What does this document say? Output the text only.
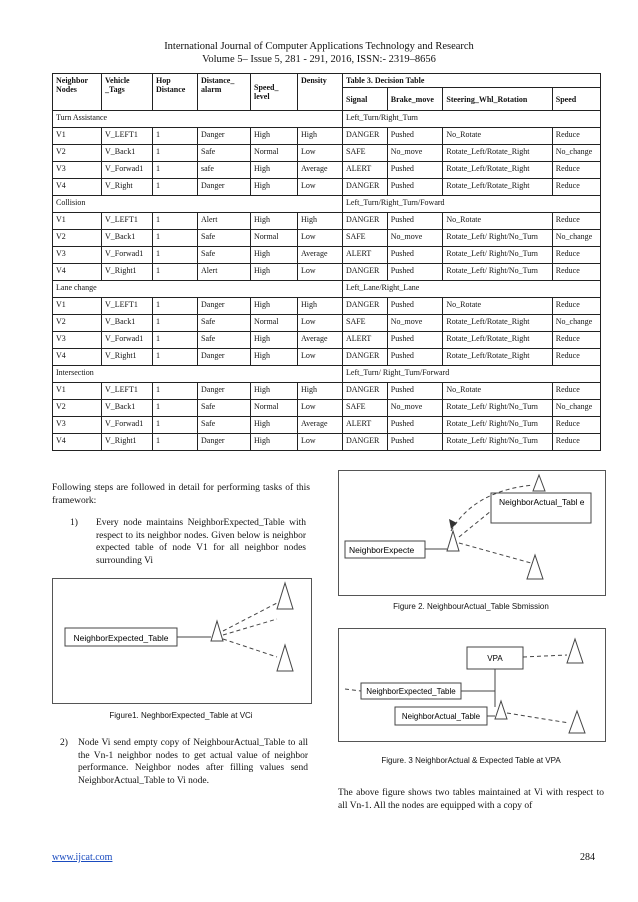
International Journal of Computer Applications Technology and Research
Volume 5– Issue 5, 281 - 291, 2016, ISSN:- 2319–8656
Neighbor Nodes	Vehicle _Tags	Hop Distance	Distance_ alarm	Speed_ level	Density	Table 3. Decision Table			
						Signal	Brake_move	Steering_Whl_Rotation	Speed
Turn Assistance						Left_Turn/Right_Turn			
V1	V_LEFT1	1	Danger	High	High	DANGER	Pushed	No_Rotate	Reduce
V2	V_Back1	1	Safe	Normal	Low	SAFE	No_move	Rotate_Left/Rotate_Right	No_change
V3	V_Forwad1	1	safe	High	Average	ALERT	Pushed	Rotate_Left/Rotate_Right	Reduce
V4	V_Right	1	Danger	High	Low	DANGER	Pushed	Rotate_Left/Rotate_Right	Reduce
Collision						Left_Turn/Right_Turn/Foward			
V1	V_LEFT1	1	Alert	High	High	DANGER	Pushed	No_Rotate	Reduce
V2	V_Back1	1	Safe	Normal	Low	SAFE	No_move	Rotate_Left/ Right/No_Turn	No_change
V3	V_Forwad1	1	Safe	High	Average	ALERT	Pushed	Rotate_Left/ Right/No_Turn	Reduce
V4	V_Right1	1	Alert	High	Low	DANGER	Pushed	Rotate_Left/ Right/No_Turn	Reduce
Lane change						Left_Lane/Right_Lane			
V1	V_LEFT1	1	Danger	High	High	DANGER	Pushed	No_Rotate	Reduce
V2	V_Back1	1	Safe	Normal	Low	SAFE	No_move	Rotate_Left/Rotate_Right	No_change
V3	V_Forwad1	1	Safe	High	Average	ALERT	Pushed	Rotate_Left/Rotate_Right	Reduce
V4	V_Right1	1	Danger	High	Low	DANGER	Pushed	Rotate_Left/Rotate_Right	Reduce
Intersection						Left_Turn/ Right_Turn/Forward			
V1	V_LEFT1	1	Danger	High	High	DANGER	Pushed	No_Rotate	Reduce
V2	V_Back1	1	Safe	Normal	Low	SAFE	No_move	Rotate_Left/ Right/No_Turn	No_change
V3	V_Forwad1	1	Safe	High	Average	ALERT	Pushed	Rotate_Left/ Right/No_Turn	Reduce
V4	V_Right1	1	Danger	High	Low	DANGER	Pushed	Rotate_Left/ Right/No_Turn	Reduce
Following steps are followed in detail for performing tasks of this framework:
1)	Every node maintains NeighborExpected_Table with respect to its neighbor nodes. Given below is neighbor expected table of node V1 for all neighbor nodes surrounding Vi
NeighborExpected_Table
Figure1. NeghborExpected_Table at VCi
2)	Node Vi send empty copy of NeighbourActual_Table to all the Vn-1 neighbor nodes to get actual value of neighbor performance. Neighbor nodes after filling values send NeighborActual_Table to Vi node.
NeighborActual_Tabl e
NeighborExpecte
Figure 2. NeighbourActual_Table Sbmission
VPA
NeighborExpected_Table
NeighborActual_Table
Figure. 3 NeighborActual & Expected Table at VPA
The above figure shows two tables maintained at Vi with respect to all Vn-1. All the nodes are equipped with a copy of
www.ijcat.com	284
